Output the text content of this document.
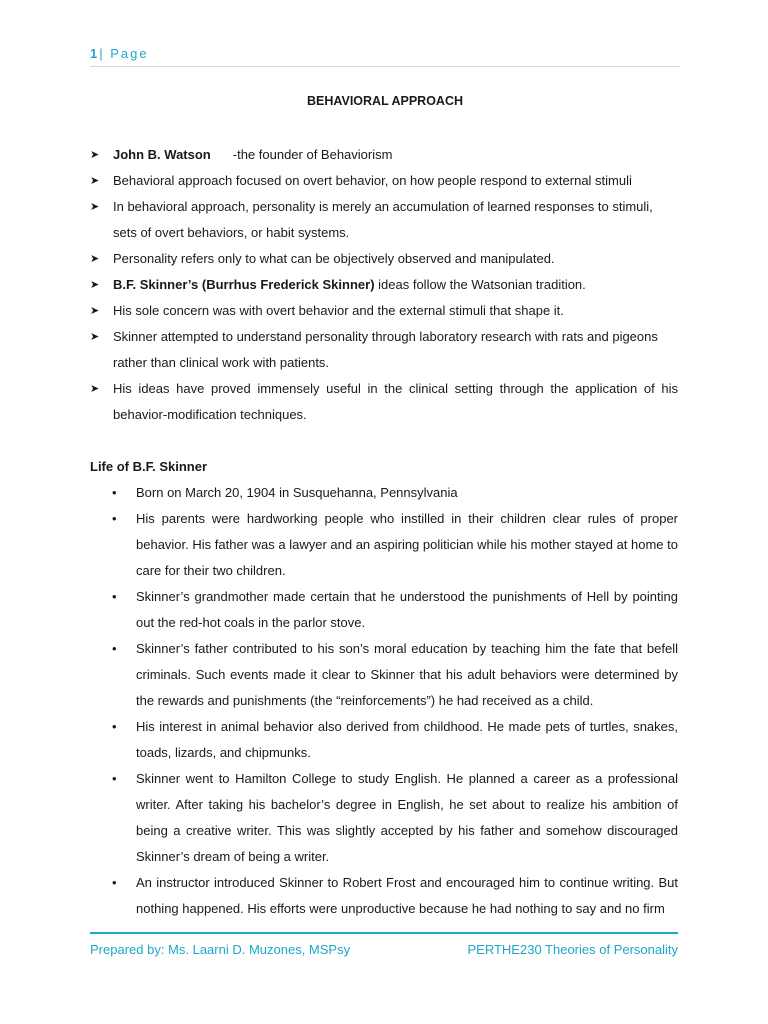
1 | Page
BEHAVIORAL APPROACH
➤ John B. Watson -the founder of Behaviorism
➤ Behavioral approach focused on overt behavior, on how people respond to external stimuli
➤ In behavioral approach, personality is merely an accumulation of learned responses to stimuli, sets of overt behaviors, or habit systems.
➤ Personality refers only to what can be objectively observed and manipulated.
➤ B.F. Skinner’s (Burrhus Frederick Skinner) ideas follow the Watsonian tradition.
➤ His sole concern was with overt behavior and the external stimuli that shape it.
➤ Skinner attempted to understand personality through laboratory research with rats and pigeons rather than clinical work with patients.
➤ His ideas have proved immensely useful in the clinical setting through the application of his behavior-modification techniques.
Life of B.F. Skinner
• Born on March 20, 1904 in Susquehanna, Pennsylvania
• His parents were hardworking people who instilled in their children clear rules of proper behavior. His father was a lawyer and an aspiring politician while his mother stayed at home to care for their two children.
• Skinner’s grandmother made certain that he understood the punishments of Hell by pointing out the red-hot coals in the parlor stove.
• Skinner’s father contributed to his son’s moral education by teaching him the fate that befell criminals. Such events made it clear to Skinner that his adult behaviors were determined by the rewards and punishments (the “reinforcements”) he had received as a child.
• His interest in animal behavior also derived from childhood. He made pets of turtles, snakes, toads, lizards, and chipmunks.
• Skinner went to Hamilton College to study English. He planned a career as a professional writer. After taking his bachelor’s degree in English, he set about to realize his ambition of being a creative writer. This was slightly accepted by his father and somehow discouraged Skinner’s dream of being a writer.
• An instructor introduced Skinner to Robert Frost and encouraged him to continue writing. But nothing happened. His efforts were unproductive because he had nothing to say and no firm
Prepared by: Ms. Laarni D. Muzones, MSPsy	PERTHE230 Theories of Personality
